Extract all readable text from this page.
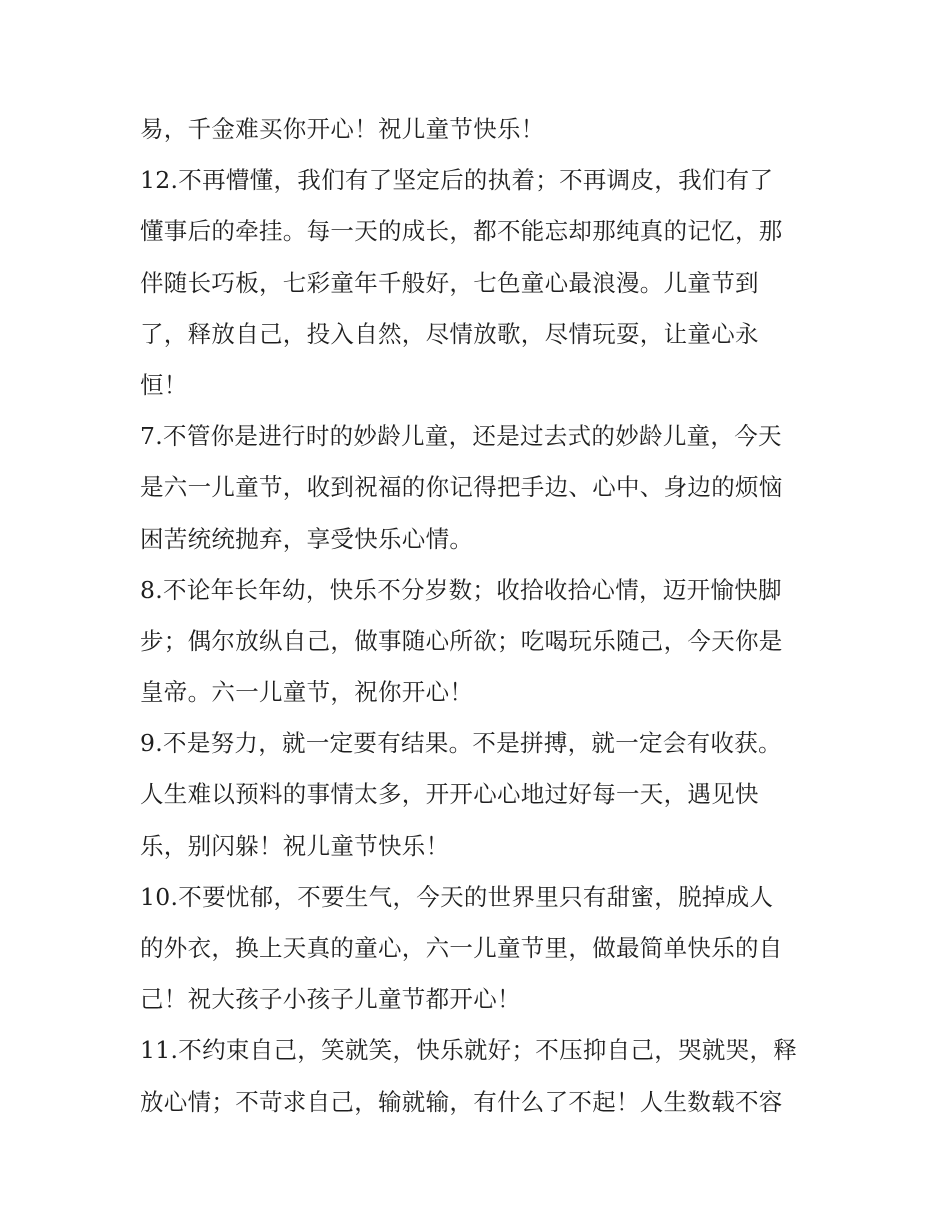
易，千金难买你开心！祝儿童节快乐！
12.不再懵懂，我们有了坚定后的执着；不再调皮，我们有了
懂事后的牵挂。每一天的成长，都不能忘却那纯真的记忆，那
伴随长巧板，七彩童年千般好，七色童心最浪漫。儿童节到
了，释放自己，投入自然，尽情放歌，尽情玩耍，让童心永
恒！
7.不管你是进行时的妙龄儿童，还是过去式的妙龄儿童，今天
是六一儿童节，收到祝福的你记得把手边、心中、身边的烦恼
困苦统统抛弃，享受快乐心情。
8.不论年长年幼，快乐不分岁数；收拾收拾心情，迈开愉快脚
步；偶尔放纵自己，做事随心所欲；吃喝玩乐随己，今天你是
皇帝。六一儿童节，祝你开心！
9.不是努力，就一定要有结果。不是拼搏，就一定会有收获。
人生难以预料的事情太多，开开心心地过好每一天，遇见快
乐，别闪躲！祝儿童节快乐！
10.不要忧郁，不要生气，今天的世界里只有甜蜜，脱掉成人
的外衣，换上天真的童心，六一儿童节里，做最简单快乐的自
己！祝大孩子小孩子儿童节都开心！
11.不约束自己，笑就笑，快乐就好；不压抑自己，哭就哭，释
放心情；不苛求自己，输就输，有什么了不起！人生数载不容
